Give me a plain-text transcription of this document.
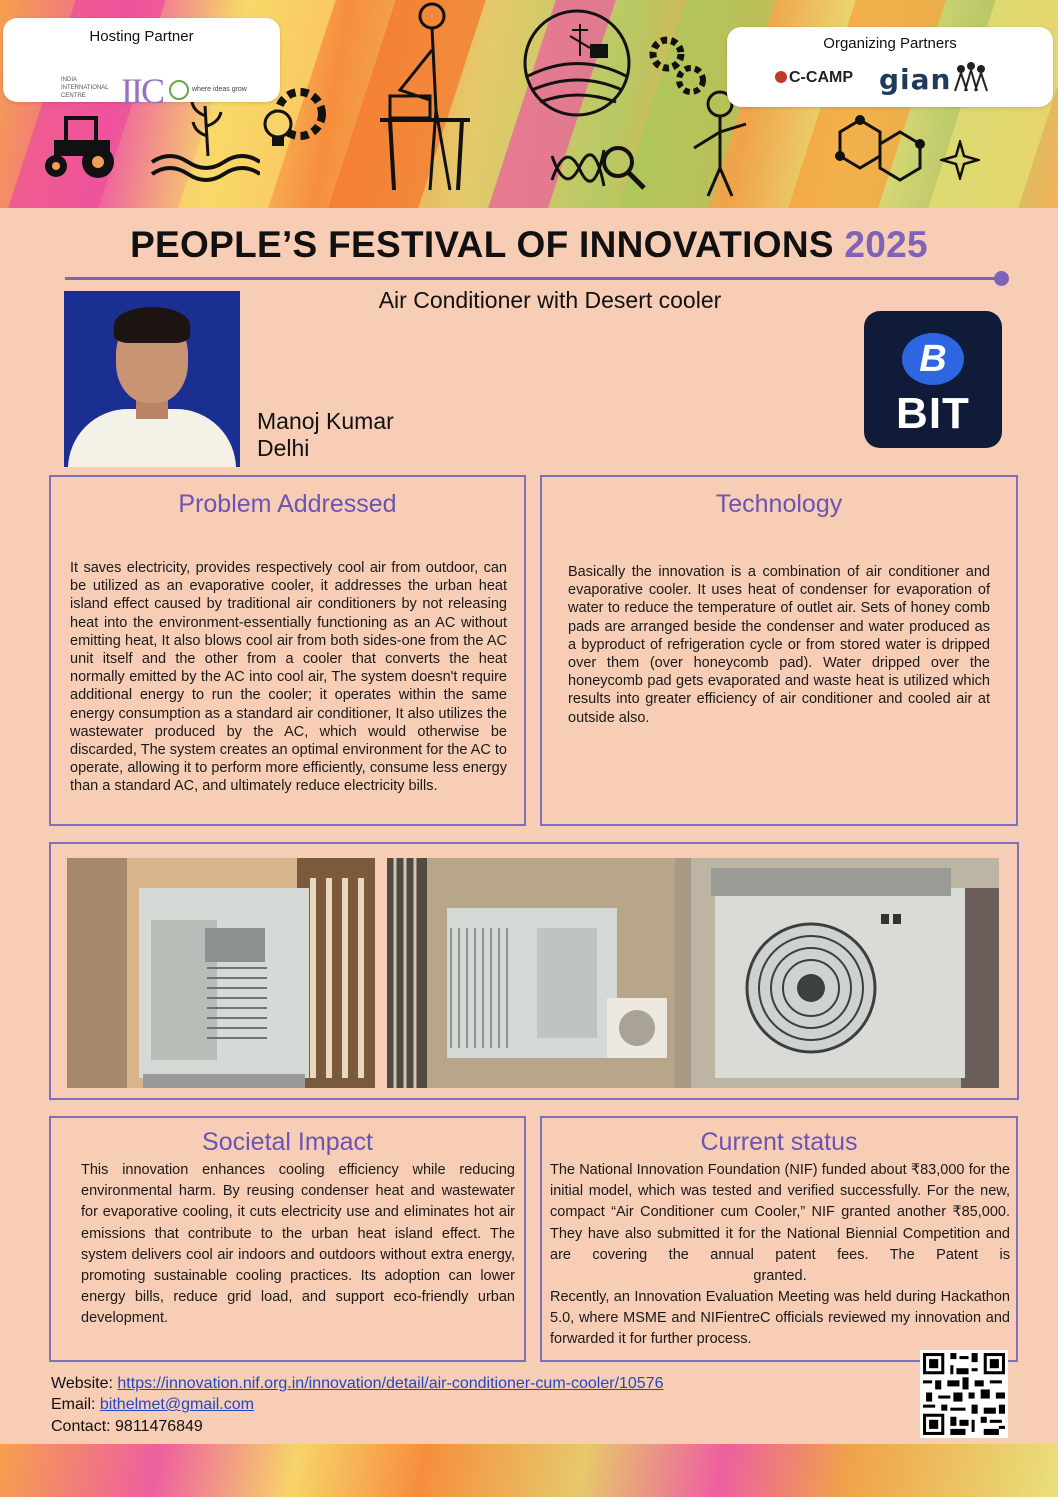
Hosting Partner
INDIA INTERNATIONAL CENTRE IIC	where ideas grow
Organizing Partners
C-CAMP gian
PEOPLE’S FESTIVAL OF INNOVATIONS 2025
Air Conditioner with Desert cooler
Manoj Kumar
Delhi
B
BIT
Problem Addressed

It saves electricity, provides respectively cool air from outdoor, can be utilized as an evaporative cooler, it addresses the urban heat island effect caused by traditional air conditioners by not releasing heat into the environment-essentially functioning as an AC without emitting heat, It also blows cool air from both sides-one from the AC unit itself and the other from a cooler that converts the heat normally emitted by the AC into cool air, The system doesn't require additional energy to run the cooler; it operates within the same energy consumption as a standard air conditioner, It also utilizes the wastewater produced by the AC, which would otherwise be discarded, The system creates an optimal environment for the AC to operate, allowing it to perform more efficiently, consume less energy than a standard AC, and ultimately reduce electricity bills.

Technology

Basically the innovation is a combination of air conditioner and evaporative cooler. It uses heat of condenser for evaporation of water to reduce the temperature of outlet air. Sets of honey comb pads are arranged beside the condenser and water produced as a byproduct of refrigeration cycle or from stored water is dripped over them (over honeycomb pad). Water dripped over the honeycomb pad gets evaporated and waste heat is utilized which results into greater efficiency of air conditioner and cooled air at outside also.

Societal Impact

This innovation enhances cooling efficiency while reducing environmental harm. By reusing condenser heat and wastewater for evaporative cooling, it cuts electricity use and eliminates hot air emissions that contribute to the urban heat island effect. The system delivers cool air indoors and outdoors without extra energy, promoting sustainable cooling practices. Its adoption can lower energy bills, reduce grid load, and support eco-friendly urban development.

Current status

The National Innovation Foundation (NIF) funded about ₹83,000 for the initial model, which was tested and verified successfully. For the new, compact “Air Conditioner cum Cooler,” NIF granted another ₹85,000. They have also submitted it for the National Biennial Competition and are covering the annual patent fees. The Patent is

granted.

Recently, an Innovation Evaluation Meeting was held during Hackathon 5.0, where MSME and NIFientreC officials reviewed my innovation and forwarded it for further process.

Website: https://innovation.nif.org.in/innovation/detail/air-conditioner-cum-cooler/10576
Email: bithelmet@gmail.com
Contact: 9811476849
